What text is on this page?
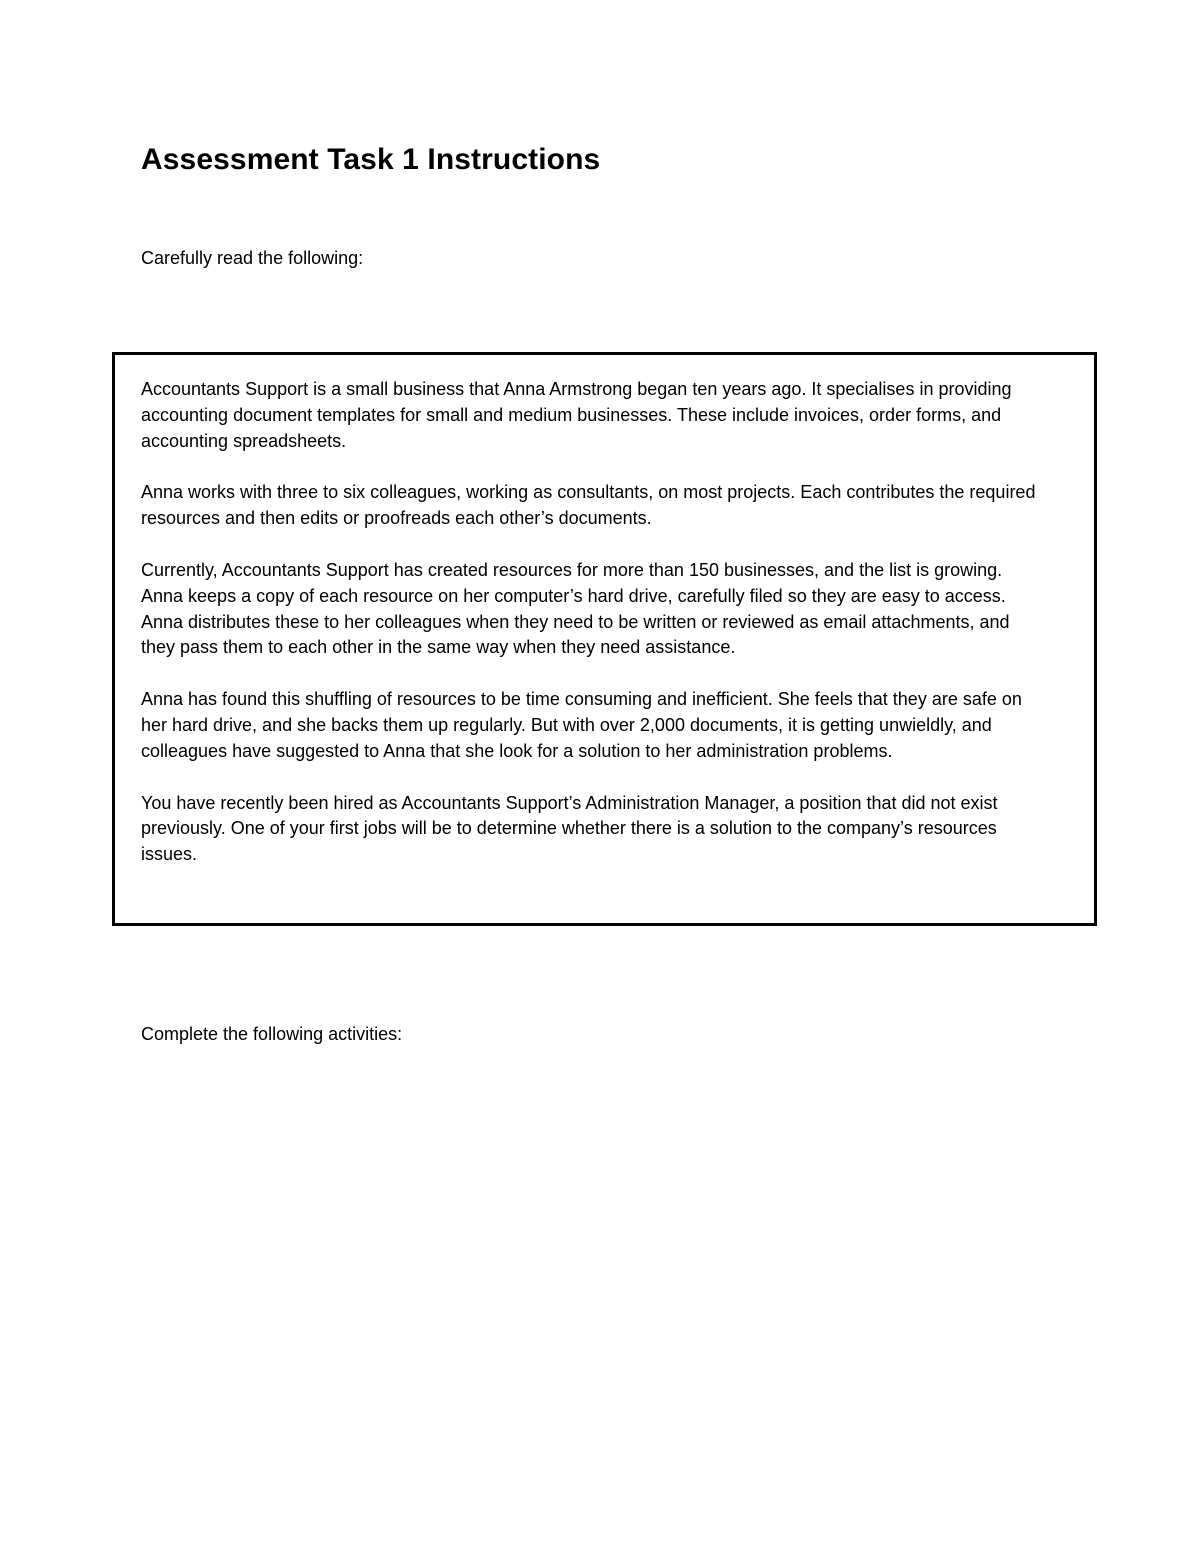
Assessment Task 1 Instructions

Carefully read the following:

Accountants Support is a small business that Anna Armstrong began ten years ago. It specialises in providing accounting document templates for small and medium businesses. These include invoices, order forms, and accounting spreadsheets.

Anna works with three to six colleagues, working as consultants, on most projects. Each contributes the required resources and then edits or proofreads each other’s documents.

Currently, Accountants Support has created resources for more than 150 businesses, and the list is growing. Anna keeps a copy of each resource on her computer’s hard drive, carefully filed so they are easy to access. Anna distributes these to her colleagues when they need to be written or reviewed as email attachments, and they pass them to each other in the same way when they need assistance.

Anna has found this shuffling of resources to be time consuming and inefficient. She feels that they are safe on her hard drive, and she backs them up regularly. But with over 2,000 documents, it is getting unwieldly, and colleagues have suggested to Anna that she look for a solution to her administration problems.

You have recently been hired as Accountants Support’s Administration Manager, a position that did not exist previously. One of your first jobs will be to determine whether there is a solution to the company’s resources issues.

Complete the following activities:
